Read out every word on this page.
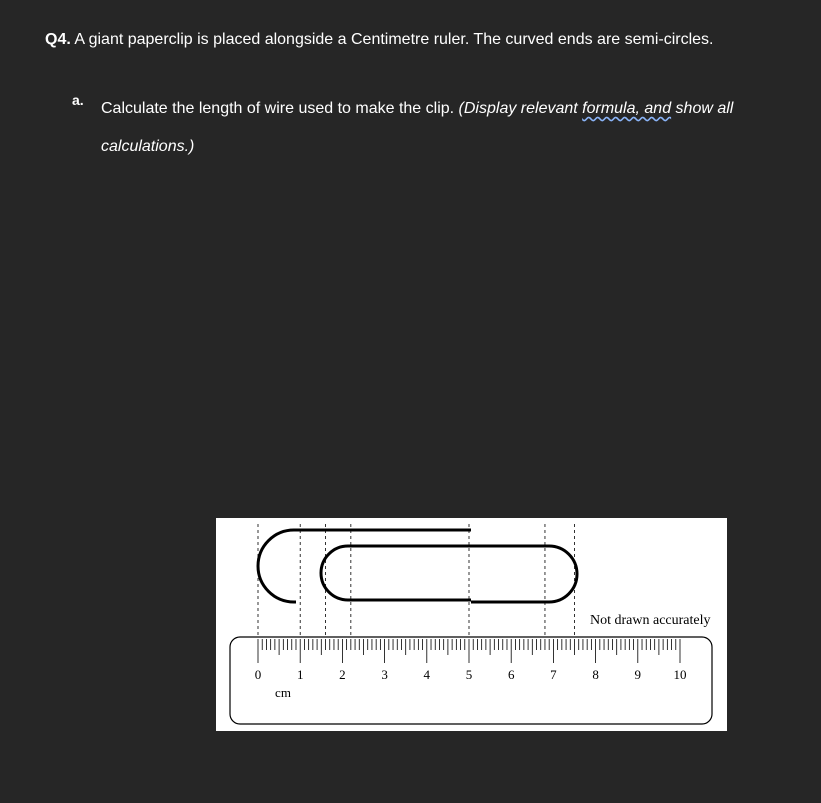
Q4. A giant paperclip is placed alongside a Centimetre ruler. The curved ends are semi-circles.

a. Calculate the length of wire used to make the clip. (Display relevant formula, and show all calculations.)

Not drawn accurately
0	1	2	3	4	5	6	7	8	9 10
cm
